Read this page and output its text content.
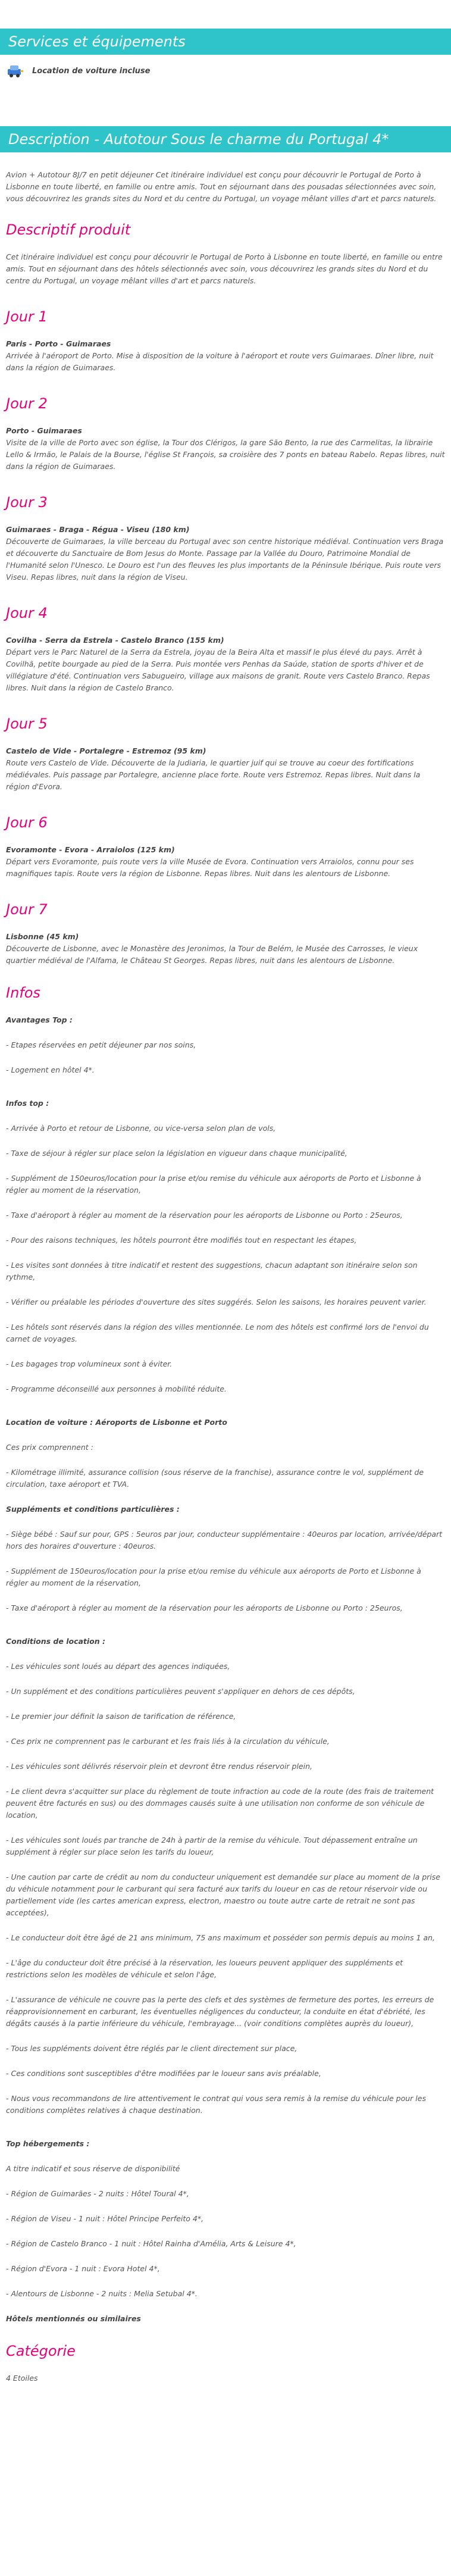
Services et équipements
Location de voiture incluse
Description - Autotour Sous le charme du Portugal 4*

Avion + Autotour 8J/7 en petit déjeuner Cet itinéraire individuel est conçu pour découvrir le Portugal de Porto à Lisbonne en toute liberté, en famille ou entre amis. Tout en séjournant dans des pousadas sélectionnées avec soin, vous découvrirez les grands sites du Nord et du centre du Portugal, un voyage mêlant villes d'art et parcs naturels.

Descriptif produit

Cet itinéraire individuel est conçu pour découvrir le Portugal de Porto à Lisbonne en toute liberté, en famille ou entre amis. Tout en séjournant dans des hôtels sélectionnés avec soin, vous découvrirez les grands sites du Nord et du centre du Portugal, un voyage mêlant villes d'art et parcs naturels.

Jour 1

Paris - Porto - Guimaraes

Arrivée à l'aéroport de Porto. Mise à disposition de la voiture à l'aéroport et route vers Guimaraes. Dîner libre, nuit dans la région de Guimaraes.

Jour 2

Porto - Guimaraes

Visite de la ville de Porto avec son église, la Tour dos Clérigos, la gare São Bento, la rue des Carmelitas, la librairie Lello & Irmão, le Palais de la Bourse, l'église St François, sa croisière des 7 ponts en bateau Rabelo. Repas libres, nuit dans la région de Guimaraes.

Jour 3

Guimaraes - Braga - Régua - Viseu (180 km)

Découverte de Guimaraes, la ville berceau du Portugal avec son centre historique médiéval. Continuation vers Braga et découverte du Sanctuaire de Bom Jesus do Monte. Passage par la Vallée du Douro, Patrimoine Mondial de l'Humanité selon l'Unesco. Le Douro est l'un des fleuves les plus importants de la Péninsule Ibérique. Puis route vers Viseu. Repas libres, nuit dans la région de Viseu.

Jour 4

Covilha - Serra da Estrela - Castelo Branco (155 km)

Départ vers le Parc Naturel de la Serra da Estrela, joyau de la Beira Alta et massif le plus élevé du pays. Arrêt à Covilhã, petite bourgade au pied de la Serra. Puis montée vers Penhas da Saúde, station de sports d'hiver et de villégiature d'été. Continuation vers Sabugueiro, village aux maisons de granit. Route vers Castelo Branco. Repas libres. Nuit dans la région de Castelo Branco.

Jour 5

Castelo de Vide - Portalegre - Estremoz (95 km)

Route vers Castelo de Vide. Découverte de la Judiaria, le quartier juif qui se trouve au coeur des fortifications médiévales. Puis passage par Portalegre, ancienne place forte. Route vers Estremoz. Repas libres. Nuit dans la région d'Evora.

Jour 6

Evoramonte - Evora - Arraiolos (125 km)

Départ vers Evoramonte, puis route vers la ville Musée de Evora. Continuation vers Arraiolos, connu pour ses magnifiques tapis. Route vers la région de Lisbonne. Repas libres. Nuit dans les alentours de Lisbonne.

Jour 7

Lisbonne (45 km)

Découverte de Lisbonne, avec le Monastère des Jeronimos, la Tour de Belém, le Musée des Carrosses, le vieux quartier médiéval de l'Alfama, le Château St Georges. Repas libres, nuit dans les alentours de Lisbonne.

Infos

Avantages Top :

- Etapes réservées en petit déjeuner par nos soins,

- Logement en hôtel 4*.

Infos top :

- Arrivée à Porto et retour de Lisbonne, ou vice-versa selon plan de vols,

- Taxe de séjour à régler sur place selon la législation en vigueur dans chaque municipalité,

- Supplément de 150euros/location pour la prise et/ou remise du véhicule aux aéroports de Porto et Lisbonne à régler au moment de la réservation,

- Taxe d'aéroport à régler au moment de la réservation pour les aéroports de Lisbonne ou Porto : 25euros,

- Pour des raisons techniques, les hôtels pourront être modifiés tout en respectant les étapes,

- Les visites sont données à titre indicatif et restent des suggestions, chacun adaptant son itinéraire selon son rythme,

- Vérifier ou préalable les périodes d'ouverture des sites suggérés. Selon les saisons, les horaires peuvent varier.

- Les hôtels sont réservés dans la région des villes mentionnée. Le nom des hôtels est confirmé lors de l'envoi du carnet de voyages.

- Les bagages trop volumineux sont à éviter.

- Programme déconseillé aux personnes à mobilité réduite.

Location de voiture : Aéroports de Lisbonne et Porto

Ces prix comprennent :

- Kilométrage illimité, assurance collision (sous réserve de la franchise), assurance contre le vol, supplément de circulation, taxe aéroport et TVA.

Suppléments et conditions particulières :

- Siège bébé : Sauf sur pour, GPS : 5euros par jour, conducteur supplémentaire : 40euros par location, arrivée/départ hors des horaires d'ouverture : 40euros.

- Supplément de 150euros/location pour la prise et/ou remise du véhicule aux aéroports de Porto et Lisbonne à régler au moment de la réservation,

- Taxe d'aéroport à régler au moment de la réservation pour les aéroports de Lisbonne ou Porto : 25euros,

Conditions de location :

- Les véhicules sont loués au départ des agences indiquées,

- Un supplément et des conditions particulières peuvent s'appliquer en dehors de ces dépôts,

- Le premier jour définit la saison de tarification de référence,

- Ces prix ne comprennent pas le carburant et les frais liés à la circulation du véhicule,

- Les véhicules sont délivrés réservoir plein et devront être rendus réservoir plein,

- Le client devra s'acquitter sur place du règlement de toute infraction au code de la route (des frais de traitement peuvent être facturés en sus) ou des dommages causés suite à une utilisation non conforme de son véhicule de location,

- Les véhicules sont loués par tranche de 24h à partir de la remise du véhicule. Tout dépassement entraîne un supplément à régler sur place selon les tarifs du loueur,

- Une caution par carte de crédit au nom du conducteur uniquement est demandée sur place au moment de la prise du véhicule notamment pour le carburant qui sera facturé aux tarifs du loueur en cas de retour réservoir vide ou partiellement vide (les cartes american express, electron, maestro ou toute autre carte de retrait ne sont pas acceptées),

- Le conducteur doit être âgé de 21 ans minimum, 75 ans maximum et posséder son permis depuis au moins 1 an,

- L'âge du conducteur doit être précisé à la réservation, les loueurs peuvent appliquer des suppléments et restrictions selon les modèles de véhicule et selon l'âge,

- L'assurance de véhicule ne couvre pas la perte des clefs et des systèmes de fermeture des portes, les erreurs de réapprovisionnement en carburant, les éventuelles négligences du conducteur, la conduite en état d'ébriété, les dégâts causés à la partie inférieure du véhicule, l'embrayage... (voir conditions complètes auprès du loueur),

- Tous les suppléments doivent être réglés par le client directement sur place,

- Ces conditions sont susceptibles d'être modifiées par le loueur sans avis préalable,

- Nous vous recommandons de lire attentivement le contrat qui vous sera remis à la remise du véhicule pour les conditions complètes relatives à chaque destination.

Top hébergements :

A titre indicatif et sous réserve de disponibilité

- Région de Guimarães - 2 nuits : Hôtel Toural 4*,

- Région de Viseu - 1 nuit : Hôtel Principe Perfeito 4*,

- Région de Castelo Branco - 1 nuit : Hôtel Rainha d'Amélia, Arts & Leisure 4*,

- Région d'Evora - 1 nuit : Evora Hotel 4*,

- Alentours de Lisbonne - 2 nuits : Melia Setubal 4*.

Hôtels mentionnés ou similaires

Catégorie

4 Etoiles
